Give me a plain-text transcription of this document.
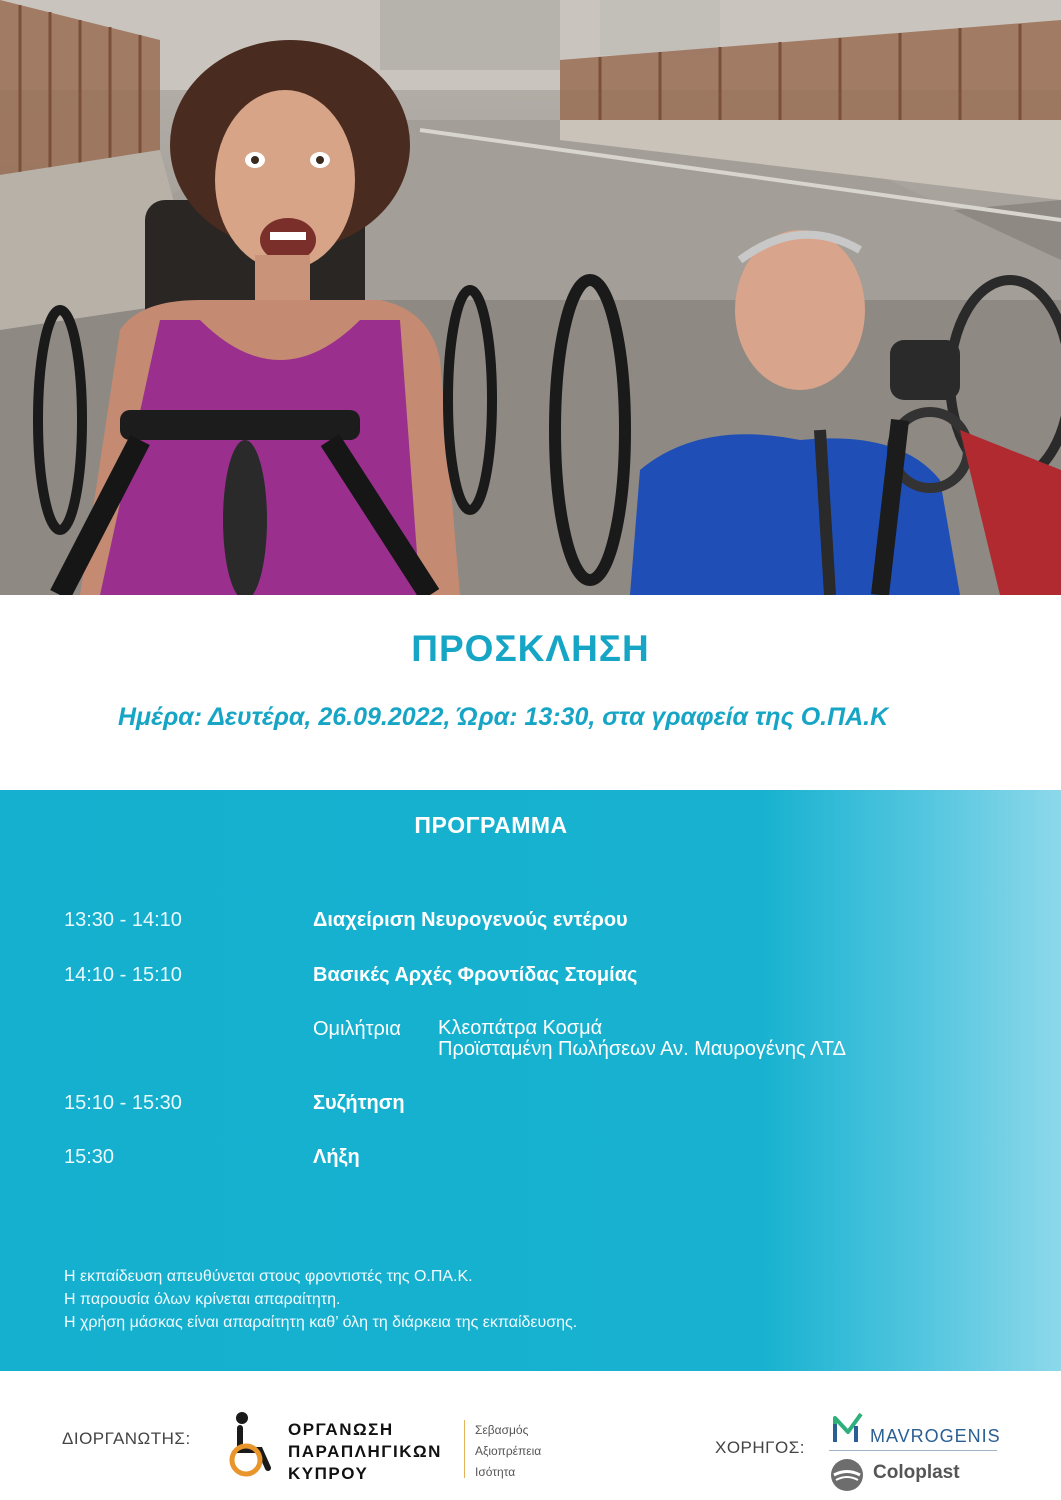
ΠΡΟΣΚΛΗΣΗ
Ημέρα: Δευτέρα, 26.09.2022, Ώρα: 13:30, στα γραφεία της Ο.ΠΑ.Κ
ΠΡΟΓΡΑΜΜΑ
13:30 - 14:10	Διαχείριση Νευρογενούς εντέρου
14:10 - 15:10	Βασικές Αρχές Φροντίδας Στομίας
Ομιλήτρια Κλεοπάτρα Κοσμά
Προϊσταμένη Πωλήσεων Αν. Μαυρογένης ΛΤΔ
15:10 - 15:30	Συζήτηση
15:30	Λήξη
Η εκπαίδευση απευθύνεται στους φροντιστές της Ο.ΠΑ.Κ.
Η παρουσία όλων κρίνεται απαραίτητη.
Η χρήση μάσκας είναι απαραίτητη καθ’ όλη τη διάρκεια της εκπαίδευσης.
ΔΙΟΡΓΑΝΩΤΗΣ:	ΟΡΓΑΝΩΣΗ
ΠΑΡΑΠΛΗΓΙΚΩΝ
ΚΥΠΡΟΥ
Σεβασμός
Αξιοπρέπεια
Ισότητα
ΧΟΡΗΓΟΣ:
MAVROGENIS
Coloplast
